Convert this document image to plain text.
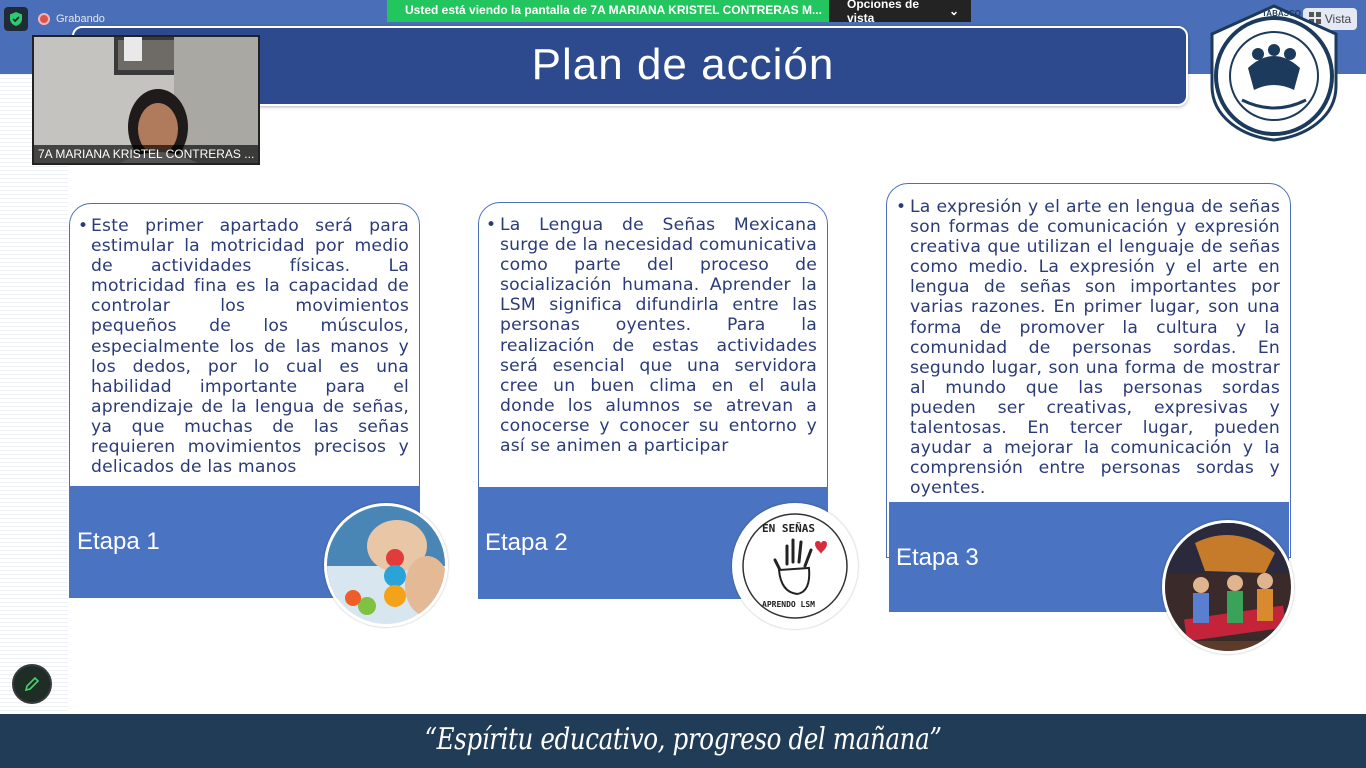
Plan de acción
Grabando
Usted está viendo la pantalla de 7A MARIANA KRISTEL CONTRERAS M...	Opciones de vista	⌄
Vista
7A MARIANA KRISTEL CONTRERAS ...
TABASCO
• Este primer apartado será para estimular la motricidad por medio de actividades físicas. La motricidad fina es la capacidad de controlar los movimientos pequeños de los músculos, especialmente los de las manos y los dedos, por lo cual es una habilidad importante para el aprendizaje de la lengua de señas, ya que muchas de las señas requieren movimientos precisos y delicados de las manos
Etapa 1
• La Lengua de Señas Mexicana surge de la necesidad comunicativa como parte del proceso de socialización humana. Aprender la LSM significa difundirla entre las personas oyentes. Para la realización de estas actividades será esencial que una servidora cree un buen clima en el aula donde los alumnos se atrevan a conocerse y conocer su entorno y así se animen a participar
Etapa 2
EN SEÑAS
APRENDO LSM
• La expresión y el arte en lengua de señas son formas de comunicación y expresión creativa que utilizan el lenguaje de señas como medio. La expresión y el arte en lengua de señas son importantes por varias razones. En primer lugar, son una forma de promover la cultura y la comunidad de personas sordas. En segundo lugar, son una forma de mostrar al mundo que las personas sordas pueden ser creativas, expresivas y talentosas. En tercer lugar, pueden ayudar a mejorar la comunicación y la comprensión entre personas sordas y oyentes.
Etapa 3
“Espíritu educativo, progreso del mañana”
